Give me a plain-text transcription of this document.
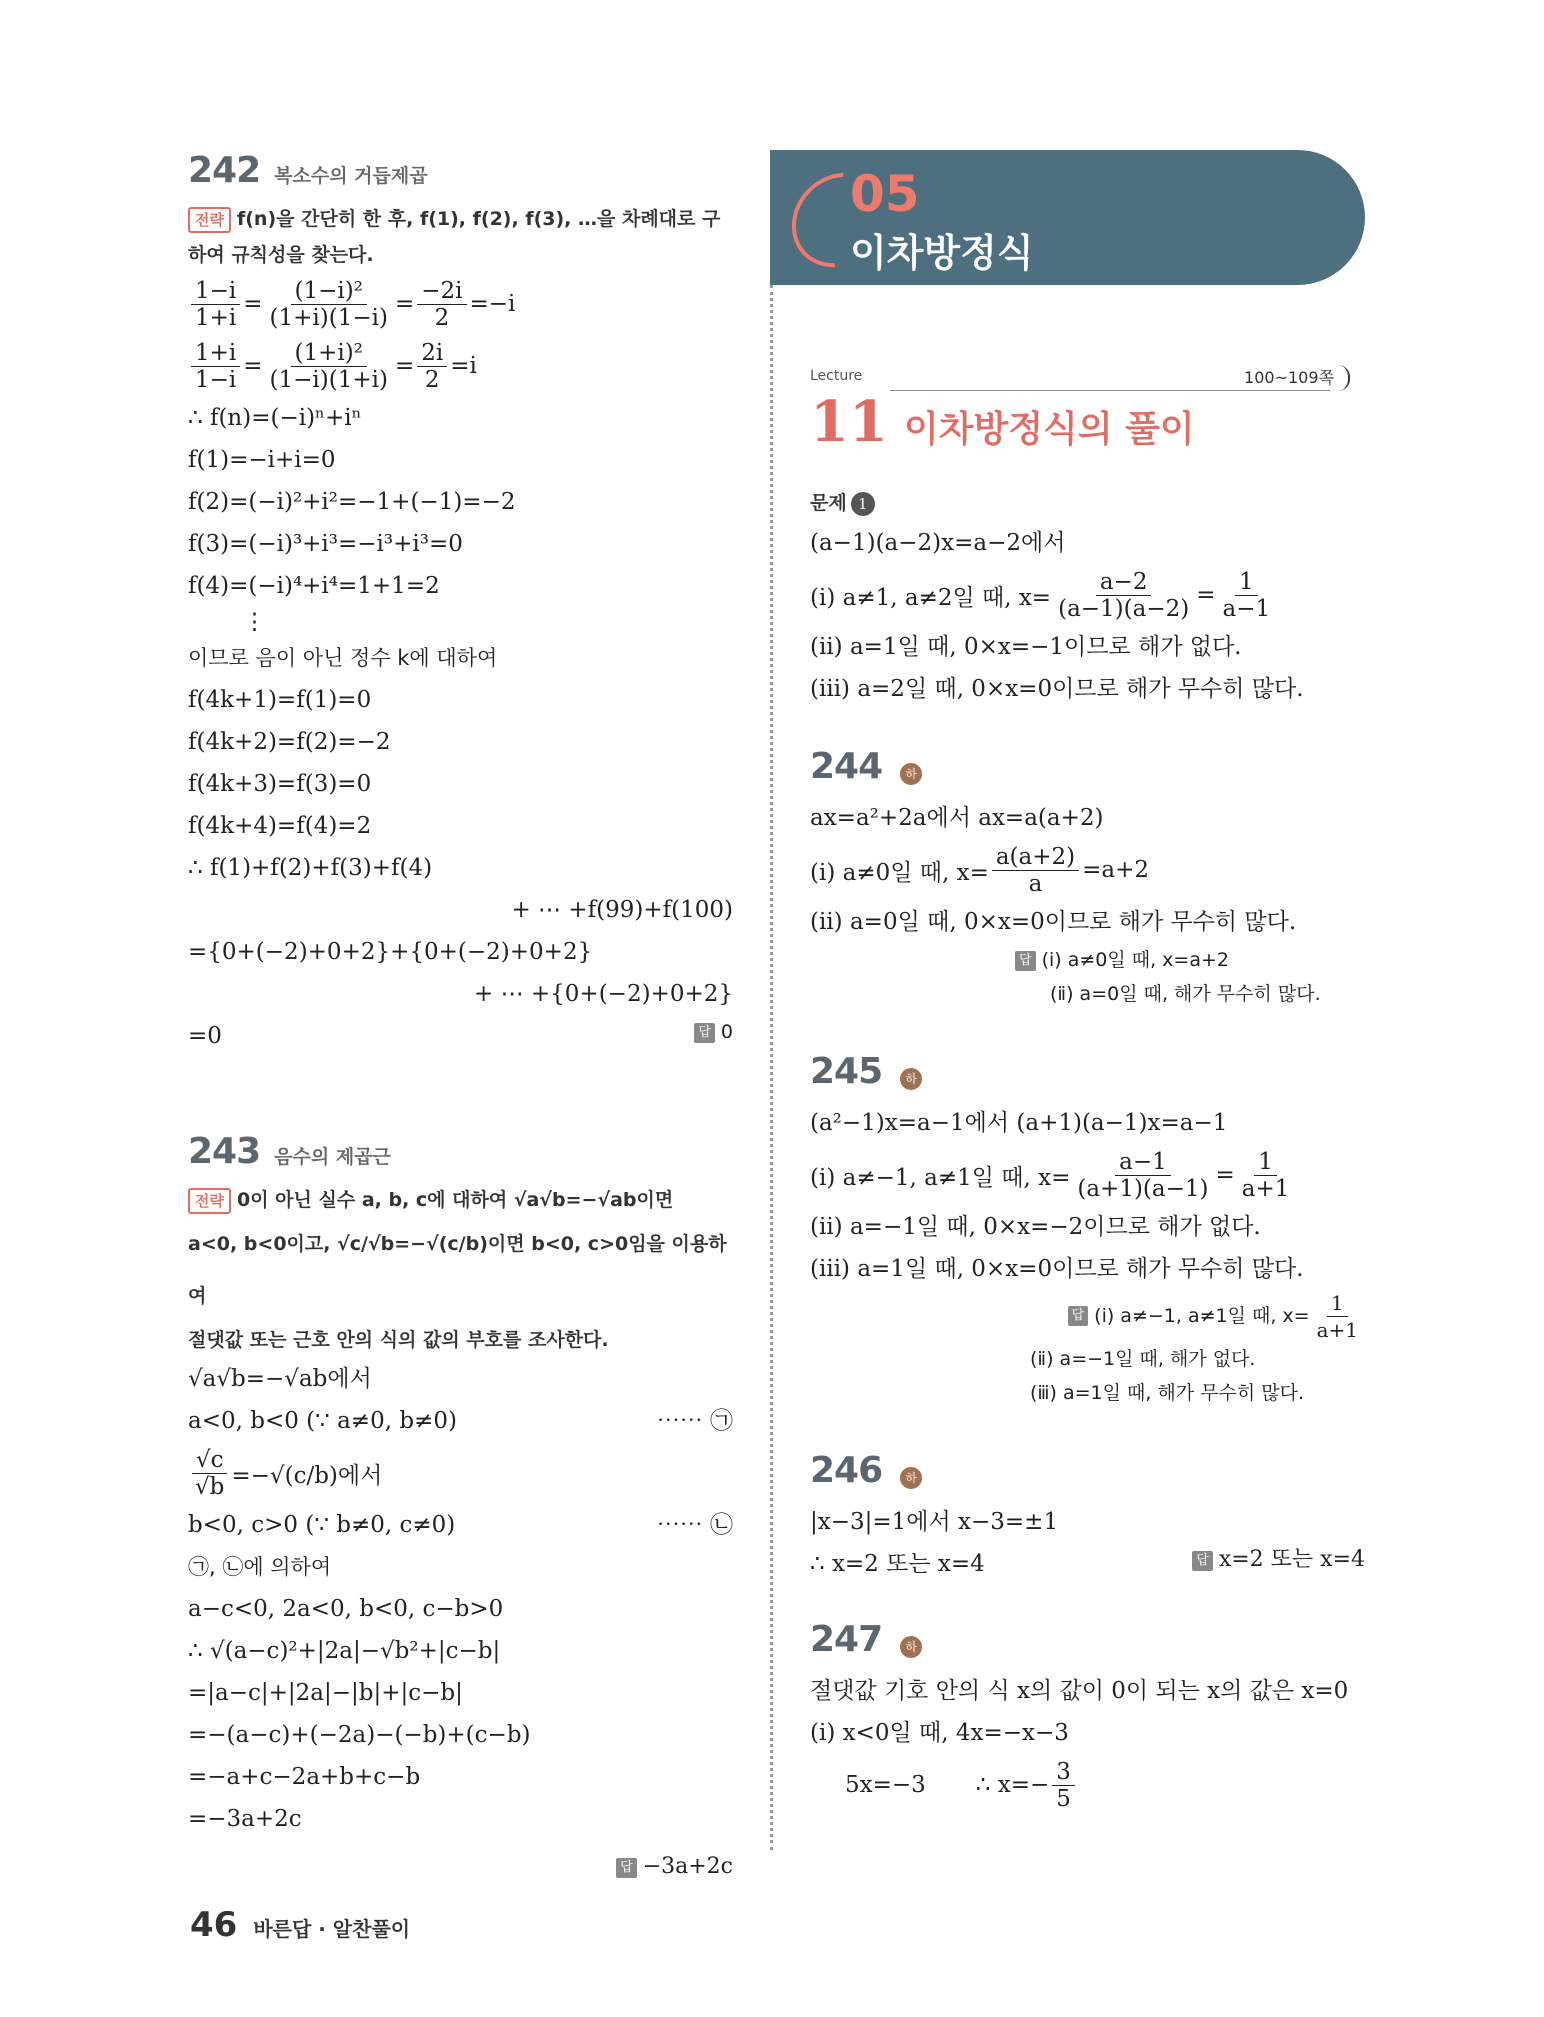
05
이차방정식
242 복소수의 거듭제곱
전략 f(n)을 간단히 한 후, f(1), f(2), f(3), …을 차례대로 구하여 규칙성을 찾는다.
$\frac{1-i}{1+i} = \frac{\text{(1−i)²}}{(1+i)(1-i)} = \frac{-2i}{2} =-i$
$\frac{1+i}{1-i} = \frac{\text{(1+i)²}}{(1-i)(1+i)} = \frac{2i}{2} =i$
∴ f(n)=(−i)ⁿ+iⁿ
f(1)=−i+i=0
f(2)=(−i)²+i²=−1+(−1)=−2
f(3)=(−i)³+i³=−i³+i³=0
f(4)=(−i)⁴+i⁴=1+1=2
⋮
이므로 음이 아닌 정수 k에 대하여
f(4k+1)=f(1)=0
f(4k+2)=f(2)=−2
f(4k+3)=f(3)=0
f(4k+4)=f(4)=2
∴ f(1)+f(2)+f(3)+f(4)
+ ⋯ +f(99)+f(100)
={0+(−2)+0+2}+{0+(−2)+0+2}
+ ⋯ +{0+(−2)+0+2}
=0	답 0
243 음수의 제곱근
전략 0이 아닌 실수 a, b, c에 대하여 √a√b=−√ab이면
a<0, b<0이고, √c/√b=−√(c/b)이면 b<0, c>0임을 이용하여
절댓값 또는 근호 안의 식의 값의 부호를 조사한다.
√a√b=−√ab에서
a<0, b<0 (∵ a≠0, b≠0)	⋯⋯ ㉠
$\frac{√c}{√b} =-√(c/b)$에서
b<0, c>0 (∵ b≠0, c≠0)	⋯⋯ ㉡
㉠, ㉡에 의하여
a−c<0, 2a<0, b<0, c−b>0
∴ √(a−c)²+|2a|−√b²+|c−b|
=|a−c|+|2a|−|b|+|c−b|
=−(a−c)+(−2a)−(−b)+(c−b)
=−a+c−2a+b+c−b
=−3a+2c
답 −3a+2c
Lecture	100~109쪽
11 이차방정식의 풀이
문제 1
(a−1)(a−2)x=a−2에서
(ⅰ) a≠1, a≠2일 때, $x= \frac{a-2}{(a-1)(a-2)} = \frac{1}{a-1}$
(ⅱ) a=1일 때, 0×x=−1이므로 해가 없다.
(ⅲ) a=2일 때, 0×x=0이므로 해가 무수히 많다.
244	하
ax=a²+2a에서 ax=a(a+2)
(ⅰ) a≠0일 때, $x= \frac{a(a+2)}{a} =a+2$
(ⅱ) a=0일 때, 0×x=0이므로 해가 무수히 많다.
답 (ⅰ) a≠0일 때, x=a+2
(ⅱ) a=0일 때, 해가 무수히 많다.
245	하
(a²−1)x=a−1에서 (a+1)(a−1)x=a−1
(ⅰ) a≠−1, a≠1일 때, $x= \frac{a-1}{(a+1)(a-1)} = \frac{1}{a+1}$
(ⅱ) a=−1일 때, 0×x=−2이므로 해가 없다.
(ⅲ) a=1일 때, 0×x=0이므로 해가 무수히 많다.
답 (ⅰ) a≠−1, a≠1일 때, $x= \frac{1}{a+1}$
(ⅱ) a=−1일 때, 해가 없다.
(ⅲ) a=1일 때, 해가 무수히 많다.
246	하
|x−3|=1에서 x−3=±1
∴ x=2 또는 x=4	답 x=2 또는 x=4
247	하
절댓값 기호 안의 식 x의 값이 0이 되는 x의 값은 x=0
(ⅰ) x<0일 때, 4x=−x−3
5x=−3 ∴ $x=- \frac{3}{5}$
46 바른답 · 알찬풀이
